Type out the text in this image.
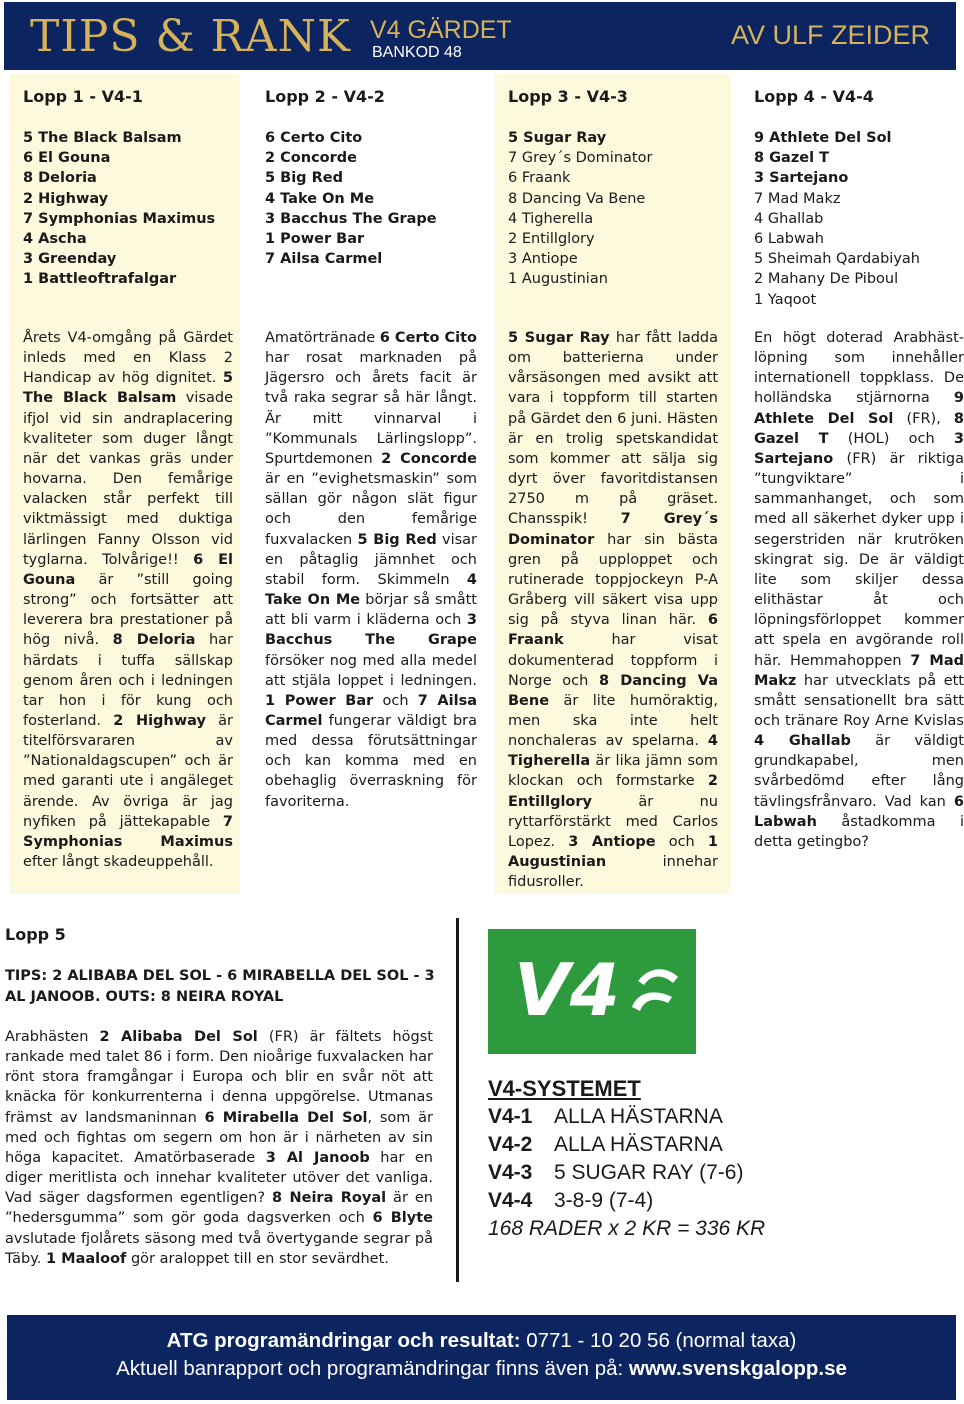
TIPS & RANK V4 GÄRDET
BANKOD 48
AV ULF ZEIDER
Lopp 1 - V4-1
5 The Black Balsam
6 El Gouna
8 Deloria
2 Highway
7 Symphonias Maximus
4 Ascha
3 Greenday
1 Battleoftrafalgar
Årets V4-omgång på Gärdet inleds med en Klass 2 Handicap av hög dignitet. 5 The Black Balsam visade ifjol vid sin andraplacering kvaliteter som duger långt när det vankas gräs under hovarna. Den femårige valacken står perfekt till viktmässigt med duktiga lärlingen Fanny Olsson vid tyglarna. Tolvårige!! 6 El Gouna är ”still going strong” och fortsätter att leverera bra prestationer på hög nivå. 8 Deloria har härdats i tuffa sällskap genom åren och i ledningen tar hon i för kung och fosterland. 2 Highway är titelförsvararen av ”Nationaldagscupen” och är med garanti ute i angäleget ärende. Av övriga är jag nyfiken på jättekapable 7 Symphonias Maximus efter långt skadeuppehåll.
Lopp 2 - V4-2
6 Certo Cito
2 Concorde
5 Big Red
4 Take On Me
3 Bacchus The Grape
1 Power Bar
7 Ailsa Carmel
Amatörtränade 6 Certo Cito har rosat marknaden på Jägersro och årets facit är två raka segrar så här långt. Är mitt vinnarval i ”Kommunals Lärlingslopp”. Spurtdemonen 2 Concorde är en ”evighetsmaskin” som sällan gör någon slät figur och den femårige fuxvalacken 5 Big Red visar en påtaglig jämnhet och stabil form. Skimmeln 4 Take On Me börjar så smått att bli varm i kläderna och 3 Bacchus The Grape försöker nog med alla medel att stjäla loppet i ledningen. 1 Power Bar och 7 Ailsa Carmel fungerar väldigt bra med dessa förutsättningar och kan komma med en obehaglig överraskning för favoriterna.
Lopp 3 - V4-3
5 Sugar Ray
7 Grey´s Dominator
6 Fraank
8 Dancing Va Bene
4 Tigherella
2 Entillglory
3 Antiope
1 Augustinian
5 Sugar Ray har fått ladda om batterierna under vårsäsongen med avsikt att vara i toppform till starten på Gärdet den 6 juni. Hästen är en trolig spetskandidat som kommer att sälja sig dyrt över favoritdistansen 2750 m på gräset. Chansspik! 7 Grey´s Dominator har sin bästa gren på upploppet och rutinerade toppjockeyn P-A Gråberg vill säkert visa upp sig på styva linan här. 6 Fraank har visat dokumenterad toppform i Norge och 8 Dancing Va Bene är lite humöraktig, men ska inte helt nonchaleras av spelarna. 4 Tigherella är lika jämn som klockan och formstarke 2 Entillglory är nu ryttarförstärkt med Carlos Lopez. 3 Antiope och 1 Augustinian innehar fidusroller.
Lopp 4 - V4-4
9 Athlete Del Sol
8 Gazel T
3 Sartejano
7 Mad Makz
4 Ghallab
6 Labwah
5 Sheimah Qardabiyah
2 Mahany De Piboul
1 Yaqoot
En högt doterad Arabhästlöpning som innehåller internationell toppklass. De holländska stjärnorna 9 Athlete Del Sol (FR), 8 Gazel T (HOL) och 3 Sartejano (FR) är riktiga ”tungviktare” i sammanhanget, och som med all säkerhet dyker upp i segerstriden när krutröken skingrat sig. De är väldigt lite som skiljer dessa elithästar åt och löpningsförloppet kommer att spela en avgörande roll här. Hemmahoppen 7 Mad Makz har utvecklats på ett smått sensationellt bra sätt och tränare Roy Arne Kvislas 4 Ghallab är väldigt grundkapabel, men svårbedömd efter lång tävlingsfrånvaro. Vad kan 6 Labwah åstadkomma i detta getingbo?
Lopp 5
TIPS: 2 ALIBABA DEL SOL - 6 MIRABELLA DEL SOL - 3 AL JANOOB. OUTS: 8 NEIRA ROYAL
Arabhästen 2 Alibaba Del Sol (FR) är fältets högst rankade med talet 86 i form. Den nioårige fuxvalacken har rönt stora framgångar i Europa och blir en svår nöt att knäcka för konkurrenterna i denna uppgörelse. Utmanas främst av landsmaninnan 6 Mirabella Del Sol, som är med och fightas om segern om hon är i närheten av sin höga kapacitet. Amatörbaserade 3 Al Janoob har en diger meritlista och innehar kvaliteter utöver det vanliga. Vad säger dagsformen egentligen? 8 Neira Royal är en ”hedersgumma” som gör goda dagsverken och 6 Blyte avslutade fjolårets säsong med två övertygande segrar på Täby. 1 Maaloof gör araloppet till en stor sevärdhet.
V4
V4-SYSTEMET
V4-1 ALLA HÄSTARNA
V4-2 ALLA HÄSTARNA
V4-3 5 SUGAR RAY (7-6)
V4-4 3-8-9 (7-4)
168 RADER x 2 KR = 336 KR
ATG programändringar och resultat: 0771 - 10 20 56 (normal taxa)
Aktuell banrapport och programändringar finns även på: www.svenskgalopp.se
